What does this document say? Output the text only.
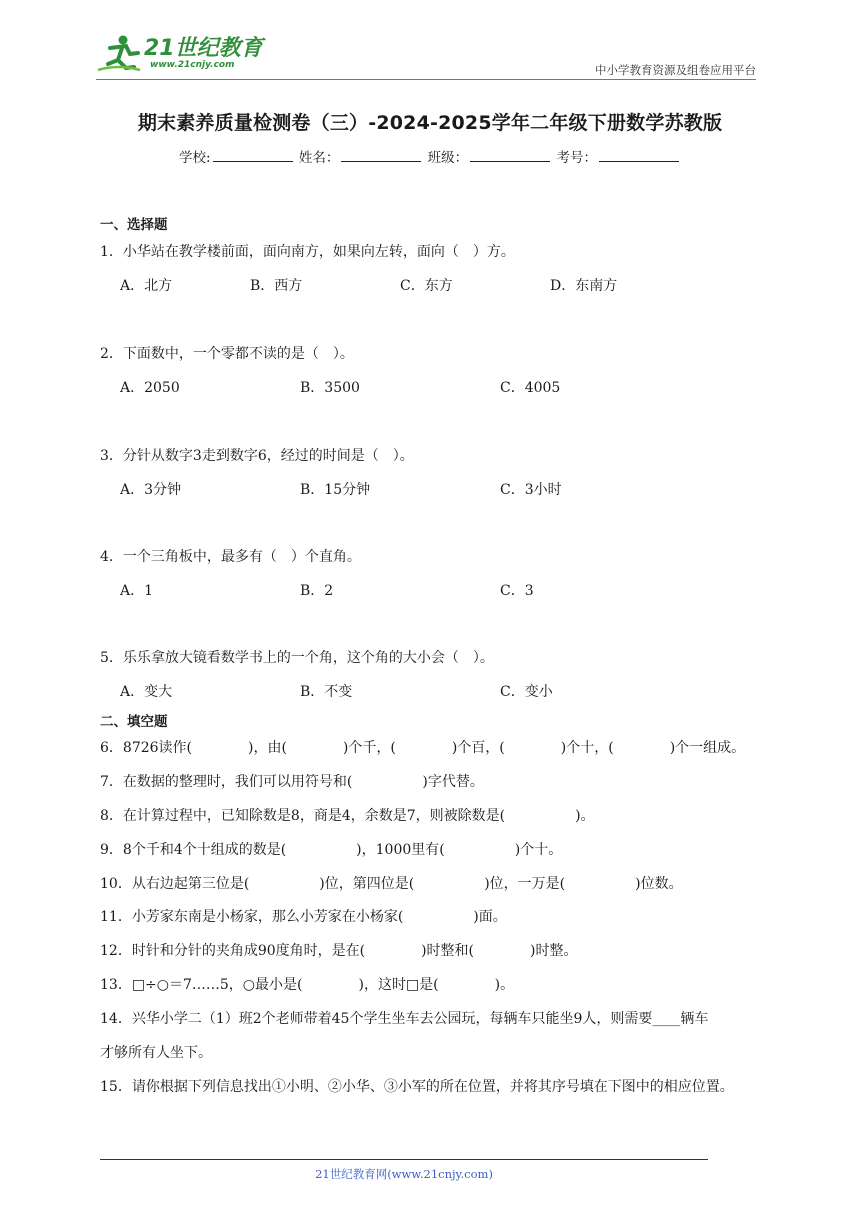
21世纪教育
www.21cnjy.com	中小学教育资源及组卷应用平台
期末素养质量检测卷（三）-2024-2025学年二年级下册数学苏教版
学校:	姓名：	班级：	考号：
一、选择题
1．小华站在教学楼前面，面向南方，如果向左转，面向（　）方。
A．北方	B．西方	C．东方	D．东南方
2．下面数中，一个零都不读的是（　）。
A．2050	B．3500	C．4005
3．分针从数字3走到数字6，经过的时间是（　）。
A．3分钟	B．15分钟	C．3小时
4．一个三角板中，最多有（　）个直角。
A．1	B．2	C．3
5．乐乐拿放大镜看数学书上的一个角，这个角的大小会（　）。
A．变大	B．不变	C．变小
二、填空题
6．8726读作(　　　　)，由(　　　　)个千，(　　　　)个百，(　　　　)个十，(　　　　)个一组成。
7．在数据的整理时，我们可以用符号和(　　　　　)字代替。
8．在计算过程中，已知除数是8，商是4，余数是7，则被除数是(　　　　　)。
9．8个千和4个十组成的数是(　　　　　)，1000里有(　　　　　)个十。
10．从右边起第三位是(　　　　　)位，第四位是(　　　　　)位，一万是(　　　　　)位数。
11．小芳家东南是小杨家，那么小芳家在小杨家(　　　　　)面。
12．时针和分针的夹角成90度角时，是在(　　　　)时整和(　　　　)时整。
13．□÷○＝7……5，○最小是(　　　　)，这时□是(　　　　)。
14．兴华小学二（1）班2个老师带着45个学生坐车去公园玩，每辆车只能坐9人，则需要____辆车
才够所有人坐下。
15．请你根据下列信息找出①小明、②小华、③小军的所在位置，并将其序号填在下图中的相应位置。
21世纪教育网(www.21cnjy.com)
